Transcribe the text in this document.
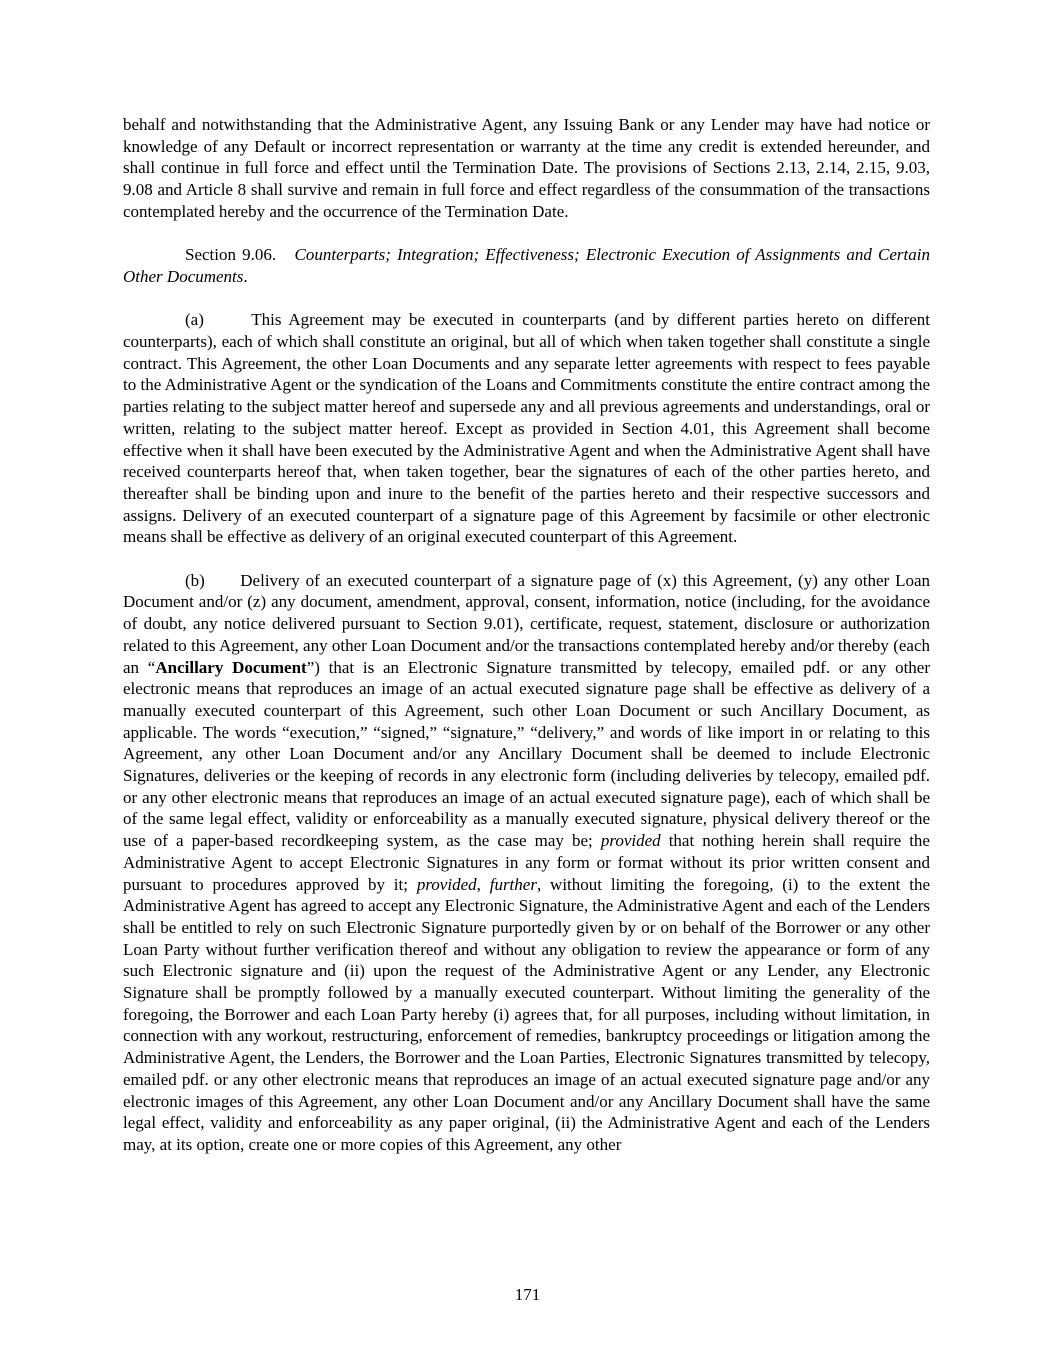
behalf and notwithstanding that the Administrative Agent, any Issuing Bank or any Lender may have had notice or knowledge of any Default or incorrect representation or warranty at the time any credit is extended hereunder, and shall continue in full force and effect until the Termination Date. The provisions of Sections 2.13, 2.14, 2.15, 9.03, 9.08 and Article 8 shall survive and remain in full force and effect regardless of the consummation of the transactions contemplated hereby and the occurrence of the Termination Date.

Section 9.06.   Counterparts; Integration; Effectiveness; Electronic Execution of Assignments and Certain Other Documents.

(a)      This Agreement may be executed in counterparts (and by different parties hereto on different counterparts), each of which shall constitute an original, but all of which when taken together shall constitute a single contract. This Agreement, the other Loan Documents and any separate letter agreements with respect to fees payable to the Administrative Agent or the syndication of the Loans and Commitments constitute the entire contract among the parties relating to the subject matter hereof and supersede any and all previous agreements and understandings, oral or written, relating to the subject matter hereof. Except as provided in Section 4.01, this Agreement shall become effective when it shall have been executed by the Administrative Agent and when the Administrative Agent shall have received counterparts hereof that, when taken together, bear the signatures of each of the other parties hereto, and thereafter shall be binding upon and inure to the benefit of the parties hereto and their respective successors and assigns. Delivery of an executed counterpart of a signature page of this Agreement by facsimile or other electronic means shall be effective as delivery of an original executed counterpart of this Agreement.

(b)      Delivery of an executed counterpart of a signature page of (x) this Agreement, (y) any other Loan Document and/or (z) any document, amendment, approval, consent, information, notice (including, for the avoidance of doubt, any notice delivered pursuant to Section 9.01), certificate, request, statement, disclosure or authorization related to this Agreement, any other Loan Document and/or the transactions contemplated hereby and/or thereby (each an “Ancillary Document”) that is an Electronic Signature transmitted by telecopy, emailed pdf. or any other electronic means that reproduces an image of an actual executed signature page shall be effective as delivery of a manually executed counterpart of this Agreement, such other Loan Document or such Ancillary Document, as applicable. The words “execution,” “signed,” “signature,” “delivery,” and words of like import in or relating to this Agreement, any other Loan Document and/or any Ancillary Document shall be deemed to include Electronic Signatures, deliveries or the keeping of records in any electronic form (including deliveries by telecopy, emailed pdf. or any other electronic means that reproduces an image of an actual executed signature page), each of which shall be of the same legal effect, validity or enforceability as a manually executed signature, physical delivery thereof or the use of a paper-based recordkeeping system, as the case may be; provided that nothing herein shall require the Administrative Agent to accept Electronic Signatures in any form or format without its prior written consent and pursuant to procedures approved by it; provided, further, without limiting the foregoing, (i) to the extent the Administrative Agent has agreed to accept any Electronic Signature, the Administrative Agent and each of the Lenders shall be entitled to rely on such Electronic Signature purportedly given by or on behalf of the Borrower or any other Loan Party without further verification thereof and without any obligation to review the appearance or form of any such Electronic signature and (ii) upon the request of the Administrative Agent or any Lender, any Electronic Signature shall be promptly followed by a manually executed counterpart. Without limiting the generality of the foregoing, the Borrower and each Loan Party hereby (i) agrees that, for all purposes, including without limitation, in connection with any workout, restructuring, enforcement of remedies, bankruptcy proceedings or litigation among the Administrative Agent, the Lenders, the Borrower and the Loan Parties, Electronic Signatures transmitted by telecopy, emailed pdf. or any other electronic means that reproduces an image of an actual executed signature page and/or any electronic images of this Agreement, any other Loan Document and/or any Ancillary Document shall have the same legal effect, validity and enforceability as any paper original, (ii) the Administrative Agent and each of the Lenders may, at its option, create one or more copies of this Agreement, any other

171
